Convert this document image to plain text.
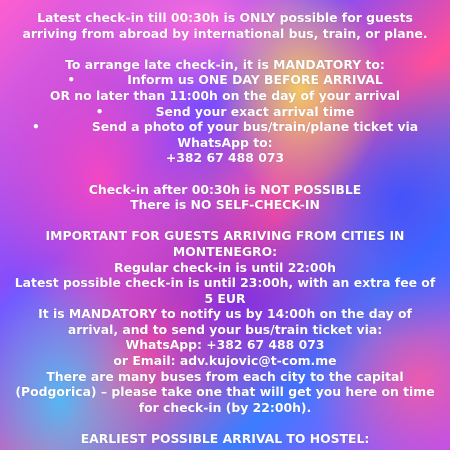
Latest check-in till 00:30h is ONLY possible for guests
arriving from abroad by international bus, train, or plane.
To arrange late check-in, it is MANDATORY to:
•	Inform us ONE DAY BEFORE ARRIVAL
OR no later than 11:00h on the day of your arrival
•	Send your exact arrival time
•	Send a photo of your bus/train/plane ticket via
WhatsApp to:
+382 67 488 073
Check-in after 00:30h is NOT POSSIBLE
There is NO SELF-CHECK-IN
IMPORTANT FOR GUESTS ARRIVING FROM CITIES IN
MONTENEGRO:
Regular check-in is until 22:00h
Latest possible check-in is until 23:00h, with an extra fee of
5 EUR
It is MANDATORY to notify us by 14:00h on the day of
arrival, and to send your bus/train ticket via:
WhatsApp: +382 67 488 073
or Email: adv.kujovic@t-com.me
There are many buses from each city to the capital
(Podgorica) – please take one that will get you here on time
for check-in (by 22:00h).
EARLIEST POSSIBLE ARRIVAL TO HOSTEL:
